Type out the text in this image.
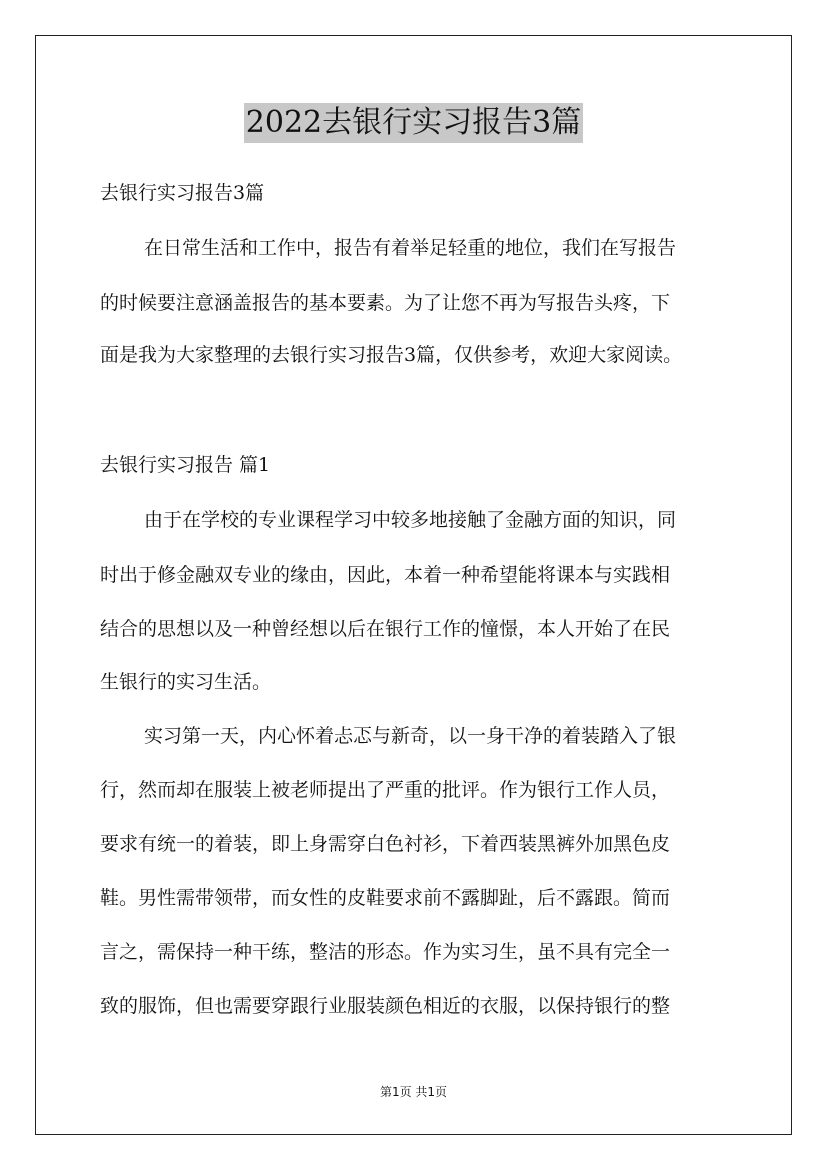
2022去银行实习报告3篇
去银行实习报告3篇
在日常生活和工作中，报告有着举足轻重的地位，我们在写报告
的时候要注意涵盖报告的基本要素。为了让您不再为写报告头疼，下
面是我为大家整理的去银行实习报告3篇，仅供参考，欢迎大家阅读。
去银行实习报告 篇1
由于在学校的专业课程学习中较多地接触了金融方面的知识，同
时出于修金融双专业的缘由，因此，本着一种希望能将课本与实践相
结合的思想以及一种曾经想以后在银行工作的憧憬，本人开始了在民
生银行的实习生活。
实习第一天，内心怀着忐忑与新奇，以一身干净的着装踏入了银
行，然而却在服装上被老师提出了严重的批评。作为银行工作人员，
要求有统一的着装，即上身需穿白色衬衫，下着西装黑裤外加黑色皮
鞋。男性需带领带，而女性的皮鞋要求前不露脚趾，后不露跟。简而
言之，需保持一种干练，整洁的形态。作为实习生，虽不具有完全一
致的服饰，但也需要穿跟行业服装颜色相近的衣服，以保持银行的整
第1页 共1页
